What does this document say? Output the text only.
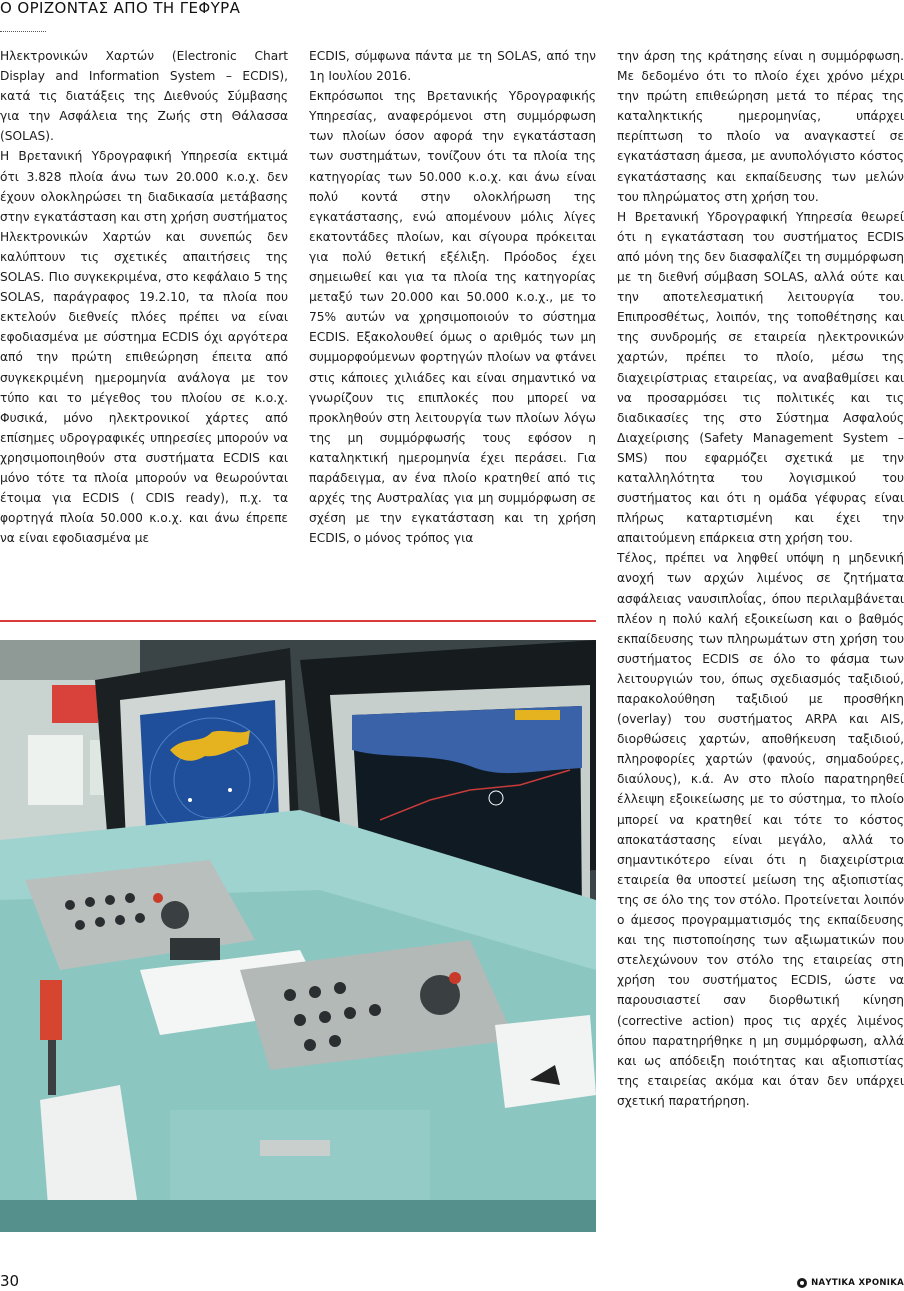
Ο ΟΡΙΖΟΝΤΑΣ ΑΠΟ ΤΗ ΓΕΦΥΡΑ

Ηλεκτρονικών Χαρτών (Electronic Chart Display and Information System – ECDIS), κατά τις διατάξεις της Διεθνούς Σύμβασης για την Ασφάλεια της Ζωής στη Θάλασσα (SOLAS).

Η Βρετανική Υδρογραφική Υπηρεσία εκτιμά ότι 3.828 πλοία άνω των 20.000 κ.ο.χ. δεν έχουν ολοκληρώσει τη διαδικασία μετάβασης στην εγκατάσταση και στη χρήση συστήματος Ηλεκτρονικών Χαρτών και συνεπώς δεν καλύπτουν τις σχετικές απαιτήσεις της SOLAS. Πιο συγκεκριμένα, στο κεφάλαιο 5 της SOLAS, παράγραφος 19.2.10, τα πλοία που εκτελούν διεθνείς πλόες πρέπει να είναι εφοδιασμένα με σύστημα ECDIS όχι αργότερα από την πρώτη επιθεώρηση έπειτα από συγκεκριμένη ημερομηνία ανάλογα με τον τύπο και το μέγεθος του πλοίου σε κ.ο.χ. Φυσικά, μόνο ηλεκτρονικοί χάρτες από επίσημες υδρογραφικές υπηρεσίες μπορούν να χρησιμοποιηθούν στα συστήματα ECDIS και μόνο τότε τα πλοία μπορούν να θεωρούνται έτοιμα για ECDIS ( CDIS ready), π.χ. τα φορτηγά πλοία 50.000 κ.ο.χ. και άνω έπρεπε να είναι εφοδιασμένα με

ECDIS, σύμφωνα πάντα με τη SOLAS, από την 1η Ιουλίου 2016.

Εκπρόσωποι της Βρετανικής Υδρογραφικής Υπηρεσίας, αναφερόμενοι στη συμμόρφωση των πλοίων όσον αφορά την εγκατάσταση των συστημάτων, τονίζουν ότι τα πλοία της κατηγορίας των 50.000 κ.ο.χ. και άνω είναι πολύ κοντά στην ολοκλήρωση της εγκατάστασης, ενώ απομένουν μόλις λίγες εκατοντάδες πλοίων, και σίγουρα πρόκειται για πολύ θετική εξέλιξη. Πρόοδος έχει σημειωθεί και για τα πλοία της κατηγορίας μεταξύ των 20.000 και 50.000 κ.ο.χ., με το 75% αυτών να χρησιμοποιούν το σύστημα ECDIS. Εξακολουθεί όμως ο αριθμός των μη συμμορφούμενων φορτηγών πλοίων να φτάνει στις κάποιες χιλιάδες και είναι σημαντικό να γνωρίζουν τις επιπλοκές που μπορεί να προκληθούν στη λειτουργία των πλοίων λόγω της μη συμμόρφωσής τους εφόσον η καταληκτική ημερομηνία έχει περάσει. Για παράδειγμα, αν ένα πλοίο κρατηθεί από τις αρχές της Αυστραλίας για μη συμμόρφωση σε σχέση με την εγκατάσταση και τη χρήση ECDIS, ο μόνος τρόπος για

την άρση της κράτησης είναι η συμμόρφωση. Με δεδομένο ότι το πλοίο έχει χρόνο μέχρι την πρώτη επιθεώρηση μετά το πέρας της καταληκτικής ημερομηνίας, υπάρχει περίπτωση το πλοίο να αναγκαστεί σε εγκατάσταση άμεσα, με ανυπολόγιστο κόστος εγκατάστασης και εκπαίδευσης των μελών του πληρώματος στη χρήση του.

Η Βρετανική Υδρογραφική Υπηρεσία θεωρεί ότι η εγκατάσταση του συστήματος ECDIS από μόνη της δεν διασφαλίζει τη συμμόρφωση με τη διεθνή σύμβαση SOLAS, αλλά ούτε και την αποτελεσματική λειτουργία του. Επιπροσθέτως, λοιπόν, της τοποθέτησης και της συνδρομής σε εταιρεία ηλεκτρονικών χαρτών, πρέπει το πλοίο, μέσω της διαχειρίστριας εταιρείας, να αναβαθμίσει και να προσαρμόσει τις πολιτικές και τις διαδικασίες της στο Σύστημα Ασφαλούς Διαχείρισης (Safety Management System – SMS) που εφαρμόζει σχετικά με την καταλληλότητα του λογισμικού του συστήματος και ότι η ομάδα γέφυρας είναι πλήρως καταρτισμένη και έχει την απαιτούμενη επάρκεια στη χρήση του.

Τέλος, πρέπει να ληφθεί υπόψη η μηδενική ανοχή των αρχών λιμένος σε ζητήματα ασφάλειας ναυσιπλοΐας, όπου περιλαμβάνεται πλέον η πολύ καλή εξοικείωση και ο βαθμός εκπαίδευσης των πληρωμάτων στη χρήση του συστήματος ECDIS σε όλο το φάσμα των λειτουργιών του, όπως σχεδιασμός ταξιδιού, παρακολούθηση ταξιδιού με προσθήκη (overlay) του συστήματος ARPA και AIS, διορθώσεις χαρτών, αποθήκευση ταξιδιού, πληροφορίες χαρτών (φανούς, σημαδούρες, διαύλους), κ.ά. Αν στο πλοίο παρατηρηθεί έλλειψη εξοικείωσης με το σύστημα, το πλοίο μπορεί να κρατηθεί και τότε το κόστος αποκατάστασης είναι μεγάλο, αλλά το σημαντικότερο είναι ότι η διαχειρίστρια εταιρεία θα υποστεί μείωση της αξιοπιστίας της σε όλο της τον στόλο. Προτείνεται λοιπόν ο άμεσος προγραμματισμός της εκπαίδευσης και της πιστοποίησης των αξιωματικών που στελεχώνουν τον στόλο της εταιρείας στη χρήση του συστήματος ECDIS, ώστε να παρουσιαστεί σαν διορθωτική κίνηση (corrective action) προς τις αρχές λιμένος όπου παρατηρήθηκε η μη συμμόρφωση, αλλά και ως απόδειξη ποιότητας και αξιοπιστίας της εταιρείας ακόμα και όταν δεν υπάρχει σχετική παρατήρηση.

30	ΝΑΥΤΙΚΑ ΧΡΟΝΙΚΑ
